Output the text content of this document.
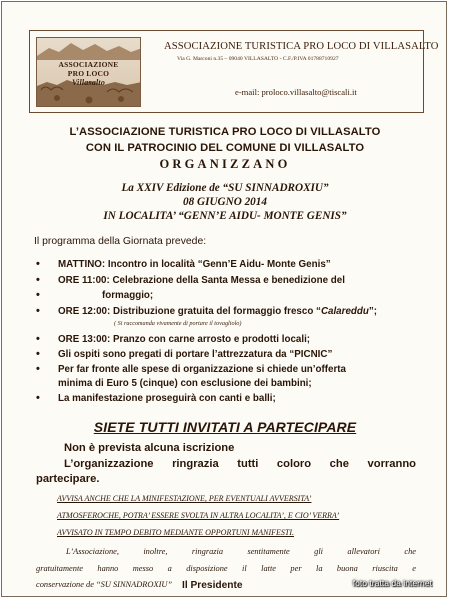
ASSOCIAZIONE
PRO LOCO
Villasalto
ASSOCIAZIONE TURISTICA PRO LOCO DI VILLASALTO
Via G. Marconi n.35 – 09040 VILLASALTO - C.F./P.IVA 01788710927
e-mail: proloco.villasalto@tiscali.it
L’ASSOCIAZIONE TURISTICA PRO LOCO DI VILLASALTO
CON IL PATROCINIO DEL COMUNE DI VILLASALTO
ORGANIZZANO
La XXIV Edizione de “SU SINNADROXIU”
08 GIUGNO 2014
IN LOCALITA’ “GENN’E AIDU- MONTE GENIS”
Il programma della Giornata prevede:
• MATTINO: Incontro in località “Genn’E Aidu- Monte Genis”
• ORE 11:00: Celebrazione della Santa Messa e benedizione del
•	formaggio;
• ORE 12:00: Distribuzione gratuita del formaggio fresco “Calareddu”;
( Si raccomanda vivamente di portare il tovagliolo)
• ORE 13:00: Pranzo con carne arrosto e prodotti locali;
• Gli ospiti sono pregati di portare l’attrezzatura da “PICNIC”
• Per far fronte alle spese di organizzazione si chiede un’offerta
minima di Euro 5 (cinque) con esclusione dei bambini;
• La manifestazione proseguirà con canti e balli;
SIETE TUTTI INVITATI A PARTECIPARE
Non è prevista alcuna iscrizione
L’organizzazione ringrazia tutti coloro che vorranno
partecipare.
AVVISA ANCHE CHE LA MINIFESTAZIONE, PER EVENTUALI AVVERSITA’
ATMOSFEROCHE, POTRA’ ESSERE SVOLTA IN ALTRA LOCALITA’, E CIO’ VERRA’
AVVISATO IN TEMPO DEBITO MEDIANTE OPPORTUNI MANIFESTI.
L’Associazione, inoltre, ringrazia sentitamente gli allevatori che
gratuitamente hanno messo a disposizione il latte per la buona riuscita e
conservazione de “SU SINNADROXIU” Il Presidente	foto tratta da internet
